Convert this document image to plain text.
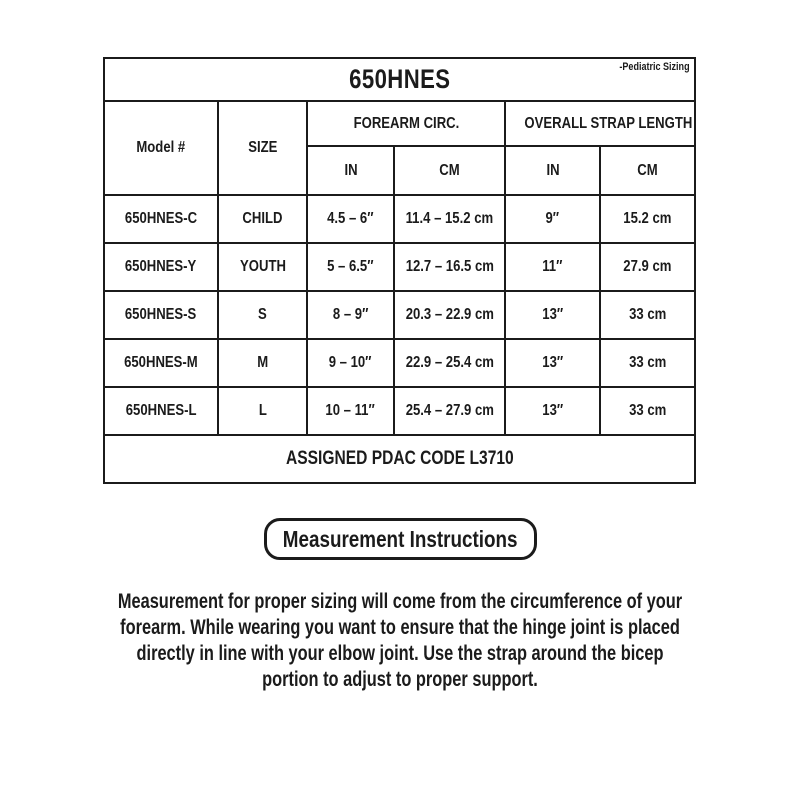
650HNES -Pediatric Sizing					

Model #	SIZE	FOREARM CIRC.		OVERALL STRAP LENGTH	
		IN	CM	IN	CM
650HNES-C	CHILD	4.5 – 6″	11.4 – 15.2 cm	9″	15.2 cm
650HNES-Y	YOUTH	5 – 6.5″	12.7 – 16.5 cm	11″	27.9 cm
650HNES-S	S	8 – 9″	20.3 – 22.9 cm	13″	33 cm
650HNES-M	M	9 – 10″	22.9 – 25.4 cm	13″	33 cm
650HNES-L	L	10 – 11″	25.4 – 27.9 cm	13″	33 cm
ASSIGNED PDAC CODE L3710					
Measurement Instructions
Measurement for proper sizing will come from the circumference of your
forearm. While wearing you want to ensure that the hinge joint is placed
directly in line with your elbow joint. Use the strap around the bicep
portion to adjust to proper support.
